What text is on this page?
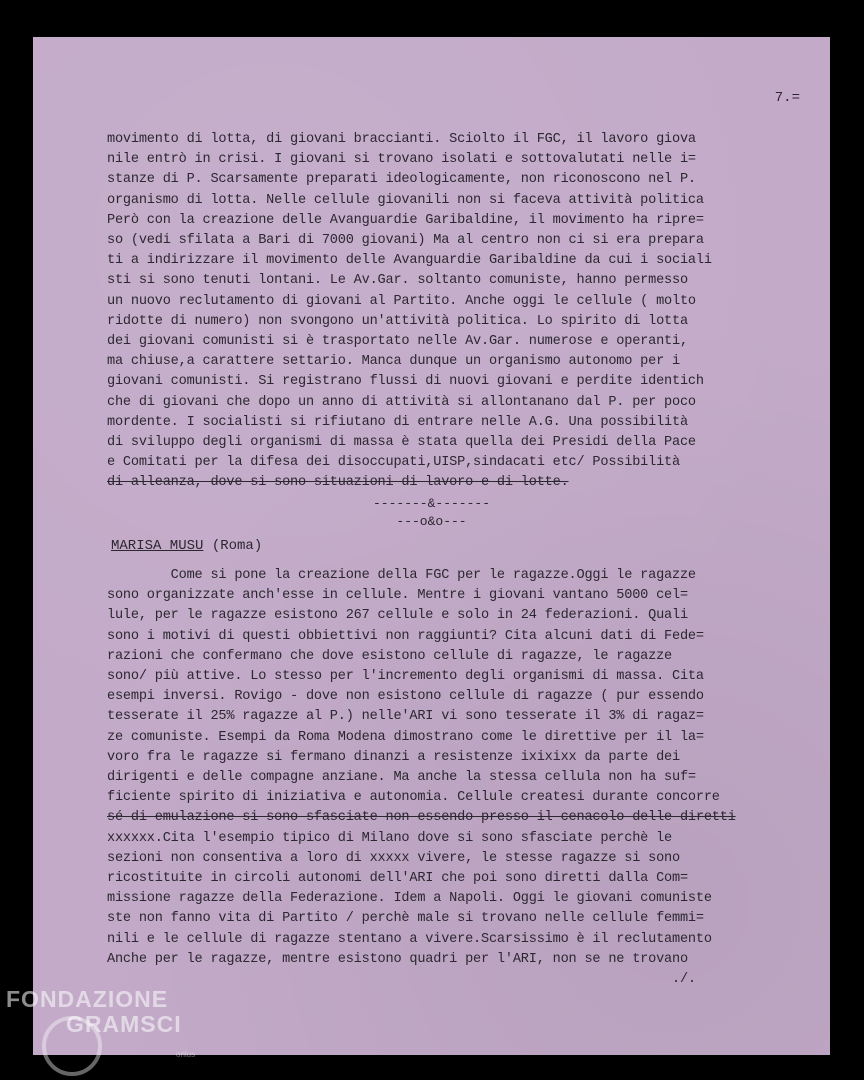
7.=
movimento di lotta, di giovani braccianti. Sciolto il FGC, il lavoro giova
nile entrò in crisi. I giovani si trovano isolati e sottovalutati nelle i=
stanze di P. Scarsamente preparati ideologicamente, non riconoscono nel P.
organismo di lotta. Nelle cellule giovanili non si faceva attività politica
Però con la creazione delle Avanguardie Garibaldine, il movimento ha ripre=
so (vedi sfilata a Bari di 7000 giovani) Ma al centro non ci si era prepara
ti a indirizzare il movimento delle Avanguardie Garibaldine da cui i sociali
sti si sono tenuti lontani. Le Av.Gar. soltanto comuniste, hanno permesso
un nuovo reclutamento di giovani al Partito. Anche oggi le cellule ( molto
ridotte di numero) non svongono un'attività politica. Lo spirito di lotta
dei giovani comunisti si è trasportato nelle Av.Gar. numerose e operanti,
ma chiuse,a carattere settario. Manca dunque un organismo autonomo per i
giovani comunisti. Si registrano flussi di nuovi giovani e perdite identich
che di giovani che dopo un anno di attività si allontanano dal P. per poco
mordente. I socialisti si rifiutano di entrare nelle A.G. Una possibilità
di sviluppo degli organismi di massa è stata quella dei Presidi della Pace
e Comitati per la difesa dei disoccupati,UISP,sindacati etc/ Possibilità
di alleanza, dove si sono situazioni di lavoro e di lotte.
-------&-------
---o&o---
MARISA MUSU (Roma)
Come si pone la creazione della FGC per le ragazze.Oggi le ragazze
sono organizzate anch'esse in cellule. Mentre i giovani vantano 5000 cel=
lule, per le ragazze esistono 267 cellule e solo in 24 federazioni. Quali
sono i motivi di questi obbiettivi non raggiunti? Cita alcuni dati di Fede=
razioni che confermano che dove esistono cellule di ragazze, le ragazze
sono/ più attive. Lo stesso per l'incremento degli organismi di massa. Cita
esempi inversi. Rovigo - dove non esistono cellule di ragazze ( pur essendo
tesserate il 25% ragazze al P.) nelle'ARI vi sono tesserate il 3% di ragaz=
ze comuniste. Esempi da Roma Modena dimostrano come le direttive per il la=
voro fra le ragazze si fermano dinanzi a resistenze ixixixx da parte dei
dirigenti e delle compagne anziane. Ma anche la stessa cellula non ha suf=
ficiente spirito di iniziativa e autonomia. Cellule createsi durante concorre
sé di emulazione si sono sfasciate non essendo presso il cenacolo delle diretti
xxxxxx.Cita l'esempio tipico di Milano dove si sono sfasciate perchè le
sezioni non consentiva a loro di xxxxx vivere, le stesse ragazze si sono
ricostituite in circoli autonomi dell'ARI che poi sono diretti dalla Com=
missione ragazze della Federazione. Idem a Napoli. Oggi le giovani comuniste
ste non fanno vita di Partito / perchè male si trovano nelle cellule femmi=
nili e le cellule di ragazze stentano a vivere.Scarsissimo è il reclutamento
Anche per le ragazze, mentre esistono quadri per l'ARI, non se ne trovano
./.
FONDAZIONE
GRAMSCI
onlus
